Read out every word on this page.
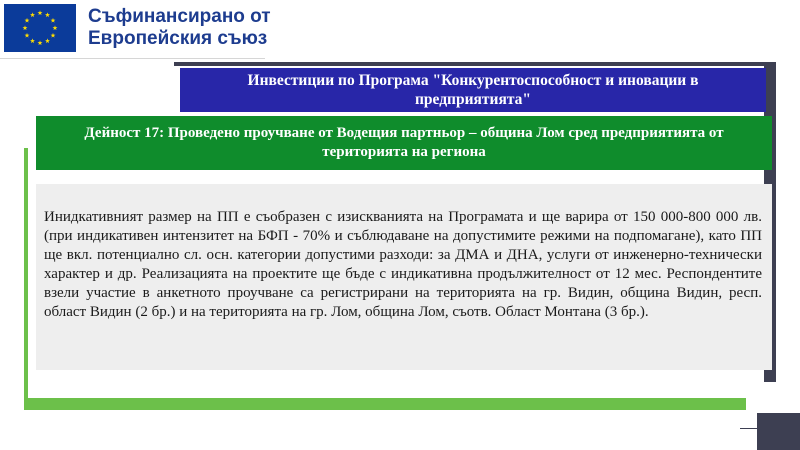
Съфинансирано от
Европейския съюз
Инвестиции по Програма "Конкурентоспособност и иновации в предприятията"
Дейност 17: Проведено проучване от Водещия партньор – община Лом сред предприятията от територията на региона

Инидкативният размер на ПП е съобразен с изискванията на Програмата и ще варира от 150 000-800 000 лв. (при индикативен интензитет на БФП - 70% и съблюдаване на допустимите режими на подпомагане), като ПП ще вкл. потенциално сл. осн. категории допустими разходи: за ДМА и ДНА, услуги от инженерно-технически характер и др. Реализацията на проектите ще бъде с индикативна продължителност от 12 мес. Респондентите взели участие в анкетното проучване са регистрирани на територията на гр. Видин, община Видин, респ. област Видин (2 бр.) и на територията на гр. Лом, община Лом, съотв. Област Монтана (3 бр.).
